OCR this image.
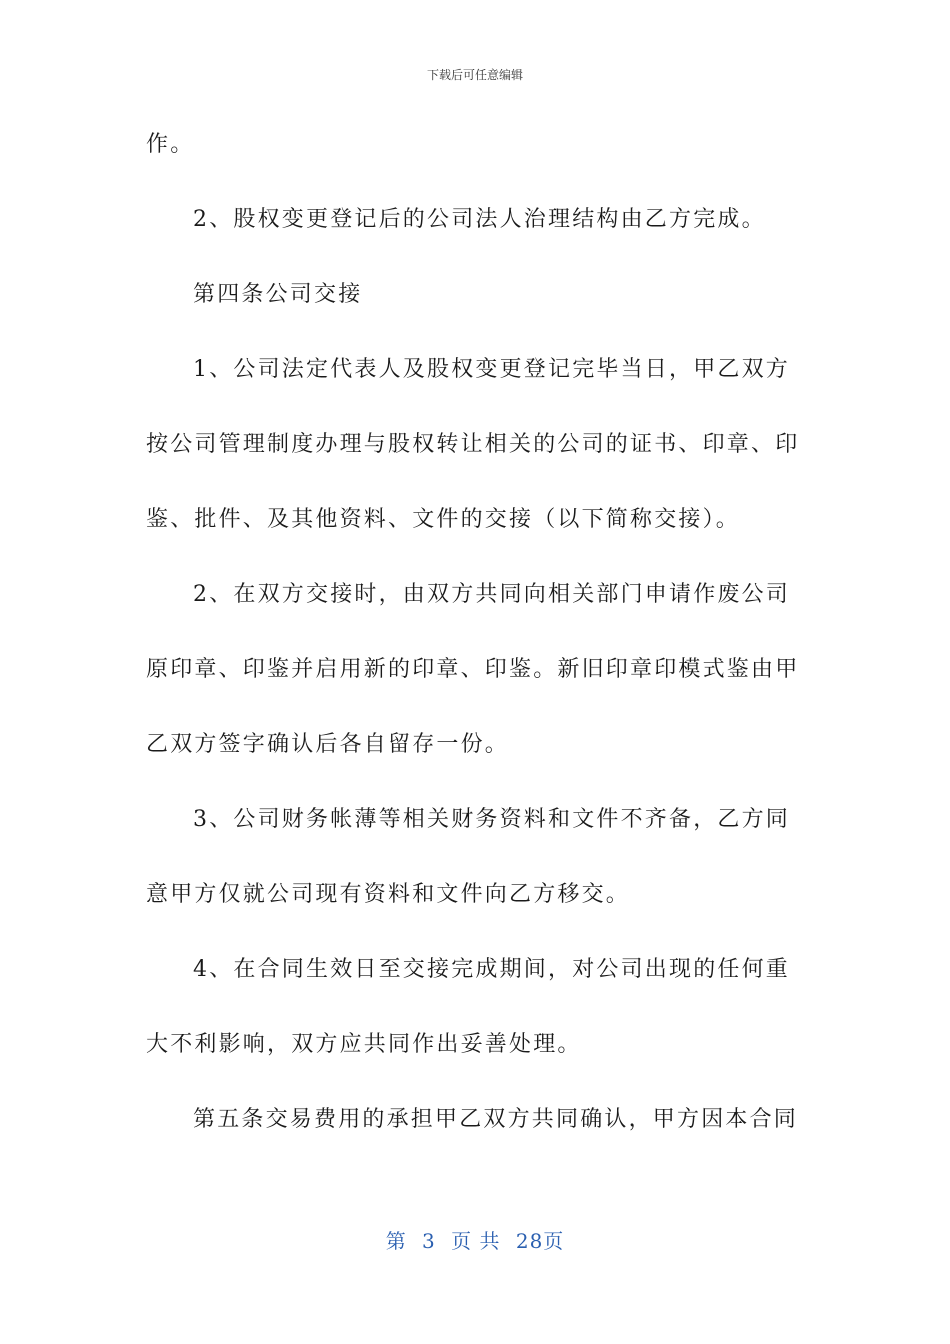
下载后可任意编辑
作。
2、股权变更登记后的公司法人治理结构由乙方完成。
第四条公司交接
1、公司法定代表人及股权变更登记完毕当日，甲乙双方
按公司管理制度办理与股权转让相关的公司的证书、印章、印
鉴、批件、及其他资料、文件的交接（以下简称交接）。
2、在双方交接时，由双方共同向相关部门申请作废公司
原印章、印鉴并启用新的印章、印鉴。新旧印章印模式鉴由甲
乙双方签字确认后各自留存一份。
3、公司财务帐薄等相关财务资料和文件不齐备，乙方同
意甲方仅就公司现有资料和文件向乙方移交。
4、在合同生效日至交接完成期间，对公司出现的任何重
大不利影响，双方应共同作出妥善处理。
第五条交易费用的承担甲乙双方共同确认，甲方因本合同
第 3 页 共 28页
